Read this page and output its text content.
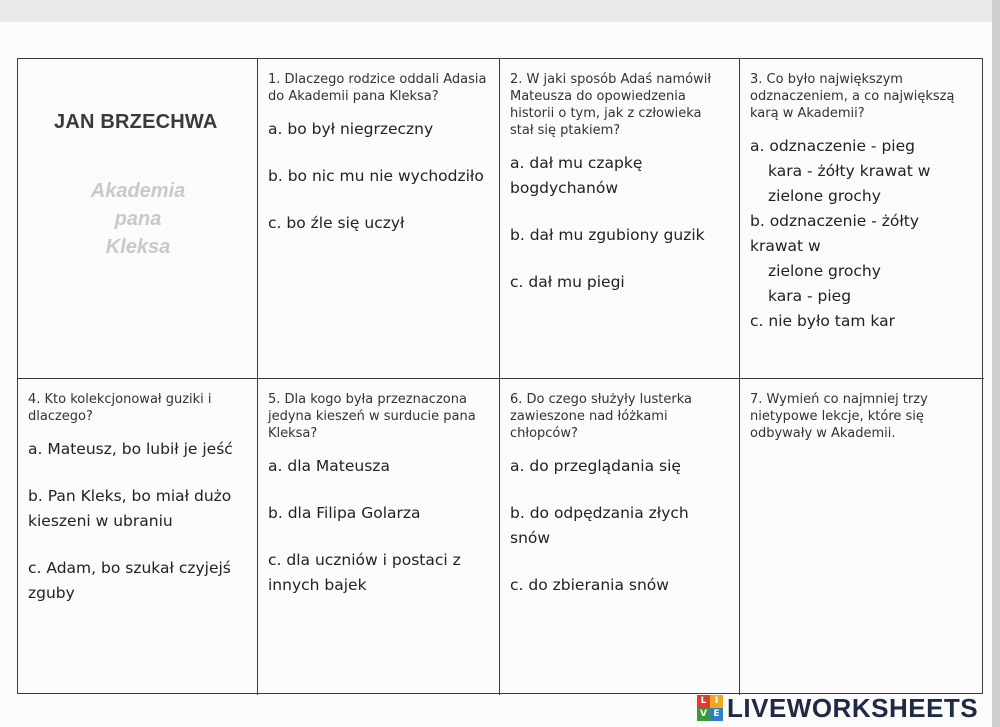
JAN BRZECHWA
Akademia
pana
Kleksa

1. Dlaczego rodzice oddali Adasia do Akademii pana Kleksa?

a. bo był niegrzeczny

b. bo nic mu nie wychodziło

c. bo źle się uczył

2. W jaki sposób Adaś namówił Mateusza do opowiedzenia historii o tym, jak z człowieka stał się ptakiem?

a. dał mu czapkę bogdychanów

b. dał mu zgubiony guzik

c. dał mu piegi

3. Co było największym odznaczeniem, a co największą karą w Akademii?

a. odznaczenie - pieg

kara - żółty krawat w

zielone grochy

b. odznaczenie - żółty krawat w

zielone grochy

kara - pieg

c. nie było tam kar

4. Kto kolekcjonował guziki i dlaczego?

a. Mateusz, bo lubił je jeść

b. Pan Kleks, bo miał dużo kieszeni w ubraniu

c. Adam, bo szukał czyjejś zguby

5. Dla kogo była przeznaczona jedyna kieszeń w surducie pana Kleksa?

a. dla Mateusza

b. dla Filipa Golarza

c. dla uczniów i postaci z innych bajek

6. Do czego służyły lusterka zawieszone nad łóżkami chłopców?

a. do przeglądania się

b. do odpędzania złych snów

c. do zbierania snów

7. Wymień co najmniej trzy nietypowe lekcje, które się odbywały w Akademii.

L I
V E LIVEWORKSHEETS
